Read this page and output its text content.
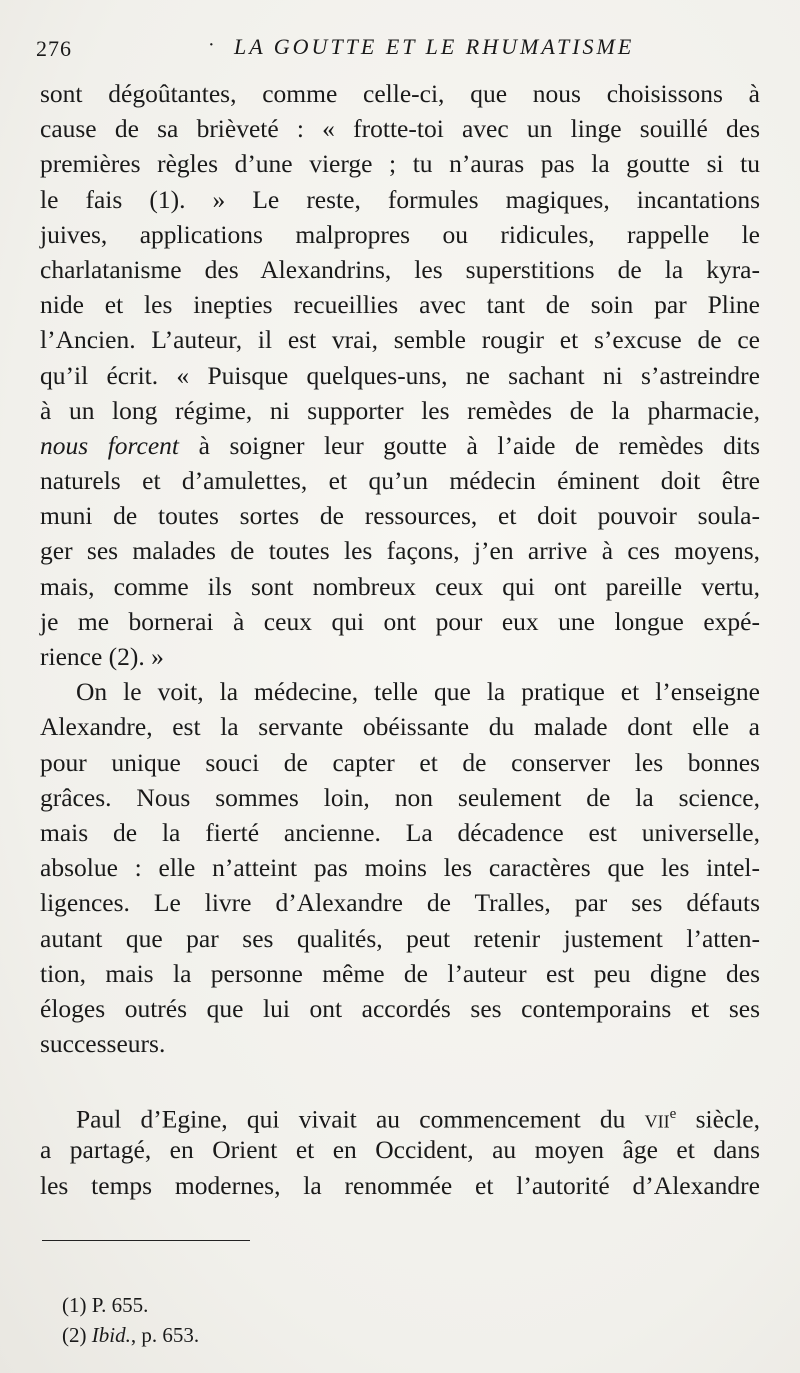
276	· LA GOUTTE ET LE RHUMATISME
sont dégoûtantes, comme celle-ci, que nous choisissons à
cause de sa brièveté : « frotte-toi avec un linge souillé des
premières règles d’une vierge ; tu n’auras pas la goutte si tu
le fais (1). » Le reste, formules magiques, incantations
juives, applications malpropres ou ridicules, rappelle le
charlatanisme des Alexandrins, les superstitions de la kyra-
nide et les inepties recueillies avec tant de soin par Pline
l’Ancien. L’auteur, il est vrai, semble rougir et s’excuse de ce
qu’il écrit. « Puisque quelques-uns, ne sachant ni s’astreindre
à un long régime, ni supporter les remèdes de la pharmacie,
nous forcent à soigner leur goutte à l’aide de remèdes dits
naturels et d’amulettes, et qu’un médecin éminent doit être
muni de toutes sortes de ressources, et doit pouvoir soula-
ger ses malades de toutes les façons, j’en arrive à ces moyens,
mais, comme ils sont nombreux ceux qui ont pareille vertu,
je me bornerai à ceux qui ont pour eux une longue expé-
rience (2). »
On le voit, la médecine, telle que la pratique et l’enseigne
Alexandre, est la servante obéissante du malade dont elle a
pour unique souci de capter et de conserver les bonnes
grâces. Nous sommes loin, non seulement de la science,
mais de la fierté ancienne. La décadence est universelle,
absolue : elle n’atteint pas moins les caractères que les intel-
ligences. Le livre d’Alexandre de Tralles, par ses défauts
autant que par ses qualités, peut retenir justement l’atten-
tion, mais la personne même de l’auteur est peu digne des
éloges outrés que lui ont accordés ses contemporains et ses
successeurs.
Paul d’Egine, qui vivait au commencement du vii$^e$ siècle,
a partagé, en Orient et en Occident, au moyen âge et dans
les temps modernes, la renommée et l’autorité d’Alexandre
(1) P. 655.
(2) Ibid., p. 653.
